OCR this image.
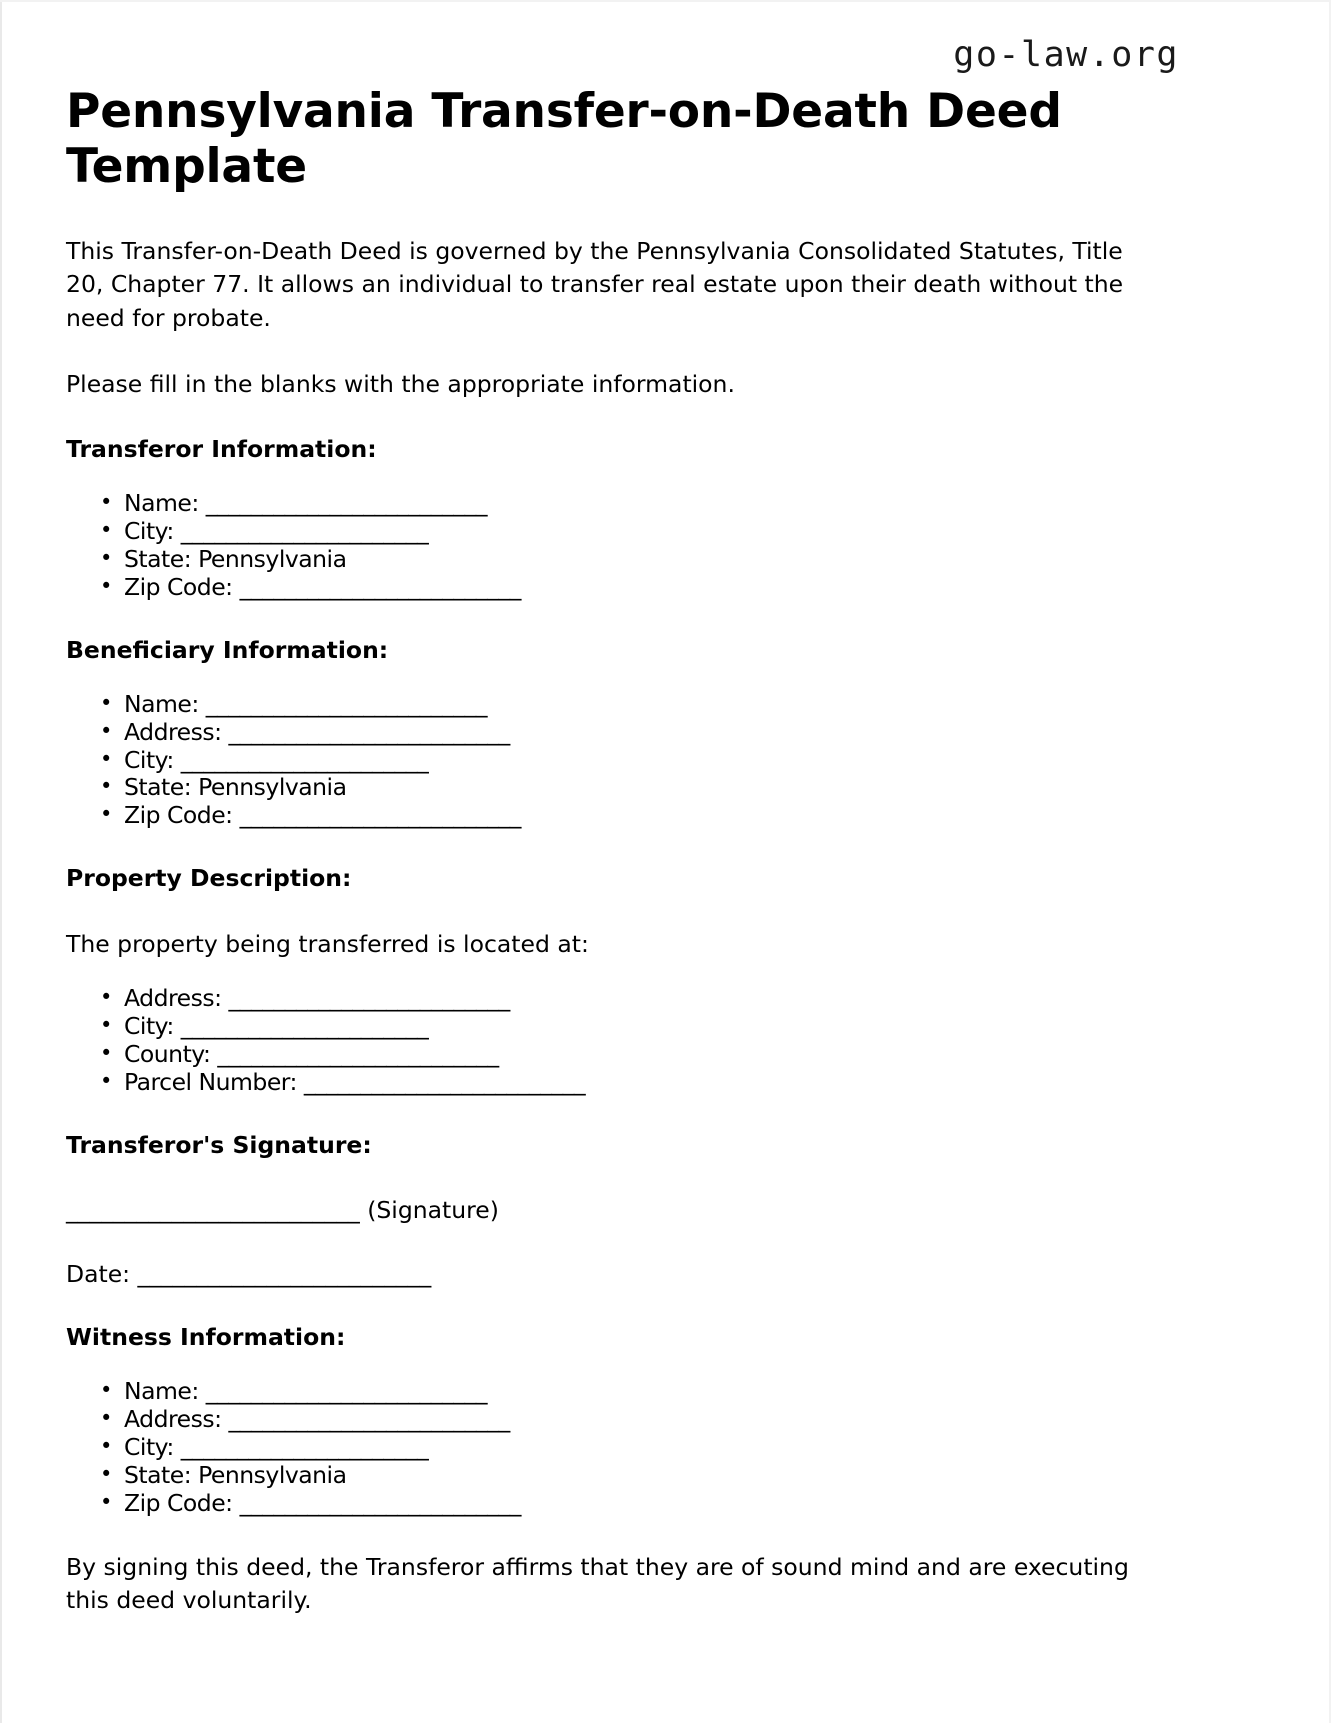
go-law.org
Pennsylvania Transfer-on-Death Deed Template

This Transfer-on-Death Deed is governed by the Pennsylvania Consolidated Statutes, Title 20, Chapter 77. It allows an individual to transfer real estate upon their death without the need for probate.

Please fill in the blanks with the appropriate information.

Transferor Information:
• Name: _________________________
• City: ______________________
• State: Pennsylvania
• Zip Code: _________________________
Beneficiary Information:
• Name: _________________________
• Address: _________________________
• City: ______________________
• State: Pennsylvania
• Zip Code: _________________________
Property Description:

The property being transferred is located at:

• Address: _________________________
• City: ______________________
• County: _________________________
• Parcel Number: _________________________
Transferor's Signature:
_________________________ (Signature)
Date: _________________________
Witness Information:
• Name: _________________________
• Address: _________________________
• City: ______________________
• State: Pennsylvania
• Zip Code: _________________________

By signing this deed, the Transferor affirms that they are of sound mind and are executing this deed voluntarily.
